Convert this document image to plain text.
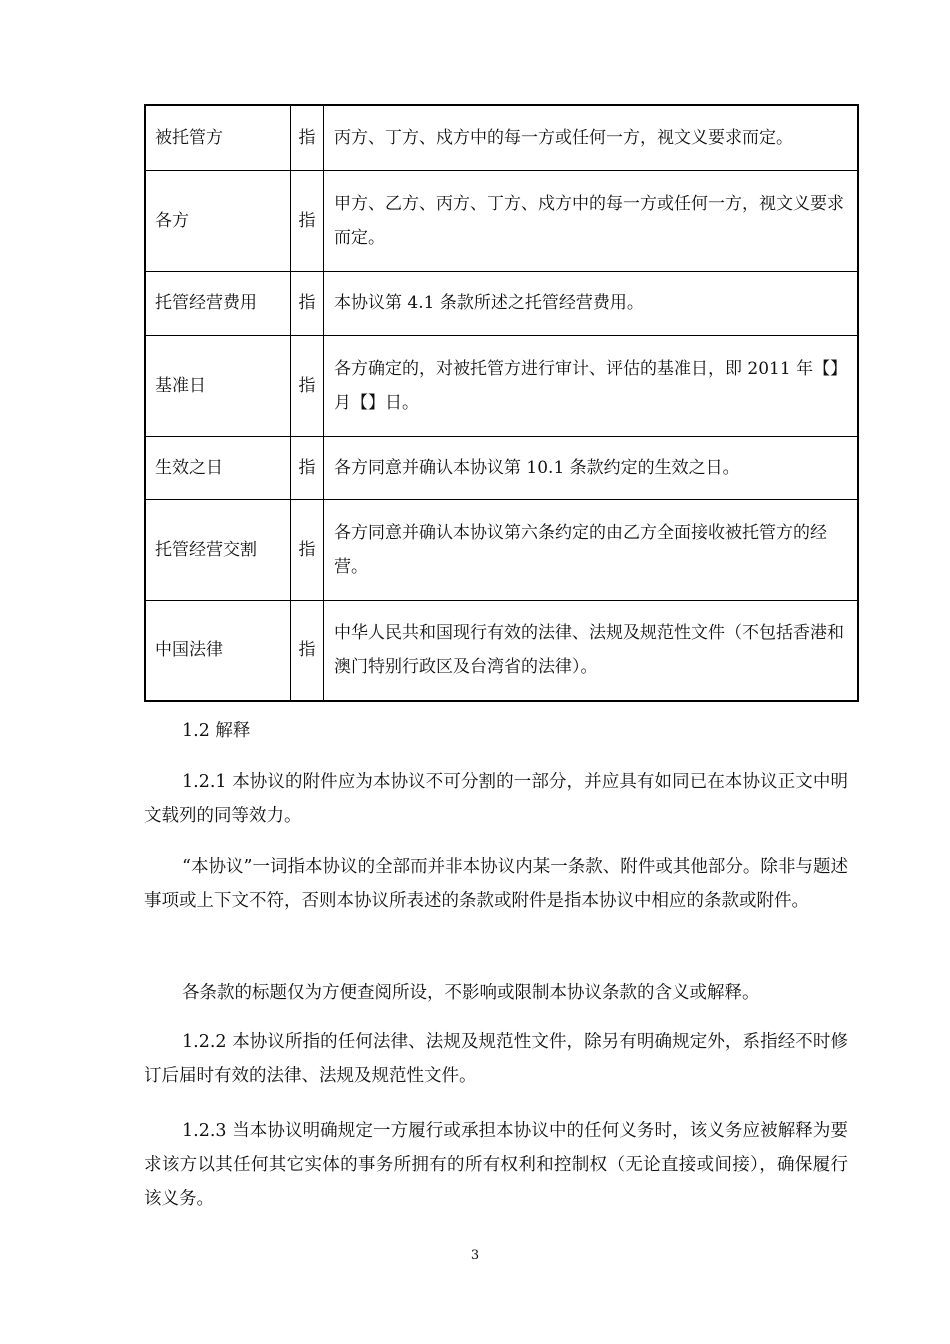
被托管方	指	丙方、丁方、戍方中的每一方或任何一方，视文义要求而定。
各方	指	甲方、乙方、丙方、丁方、戍方中的每一方或任何一方，视文义要求而定。
托管经营费用	指	本协议第 4.1 条款所述之托管经营费用。
基准日	指	各方确定的，对被托管方进行审计、评估的基准日，即 2011 年【】月【】日。
生效之日	指	各方同意并确认本协议第 10.1 条款约定的生效之日。
托管经营交割	指	各方同意并确认本协议第六条约定的由乙方全面接收被托管方的经营。
中国法律	指	中华人民共和国现行有效的法律、法规及规范性文件（不包括香港和澳门特别行政区及台湾省的法律）。

1.2 解释

1.2.1 本协议的附件应为本协议不可分割的一部分，并应具有如同已在本协议正文中明文载列的同等效力。

“本协议”一词指本协议的全部而并非本协议内某一条款、附件或其他部分。除非与题述事项或上下文不符，否则本协议所表述的条款或附件是指本协议中相应的条款或附件。

各条款的标题仅为方便查阅所设，不影响或限制本协议条款的含义或解释。

1.2.2 本协议所指的任何法律、法规及规范性文件，除另有明确规定外，系指经不时修订后届时有效的法律、法规及规范性文件。

1.2.3 当本协议明确规定一方履行或承担本协议中的任何义务时，该义务应被解释为要求该方以其任何其它实体的事务所拥有的所有权利和控制权（无论直接或间接），确保履行该义务。

3
